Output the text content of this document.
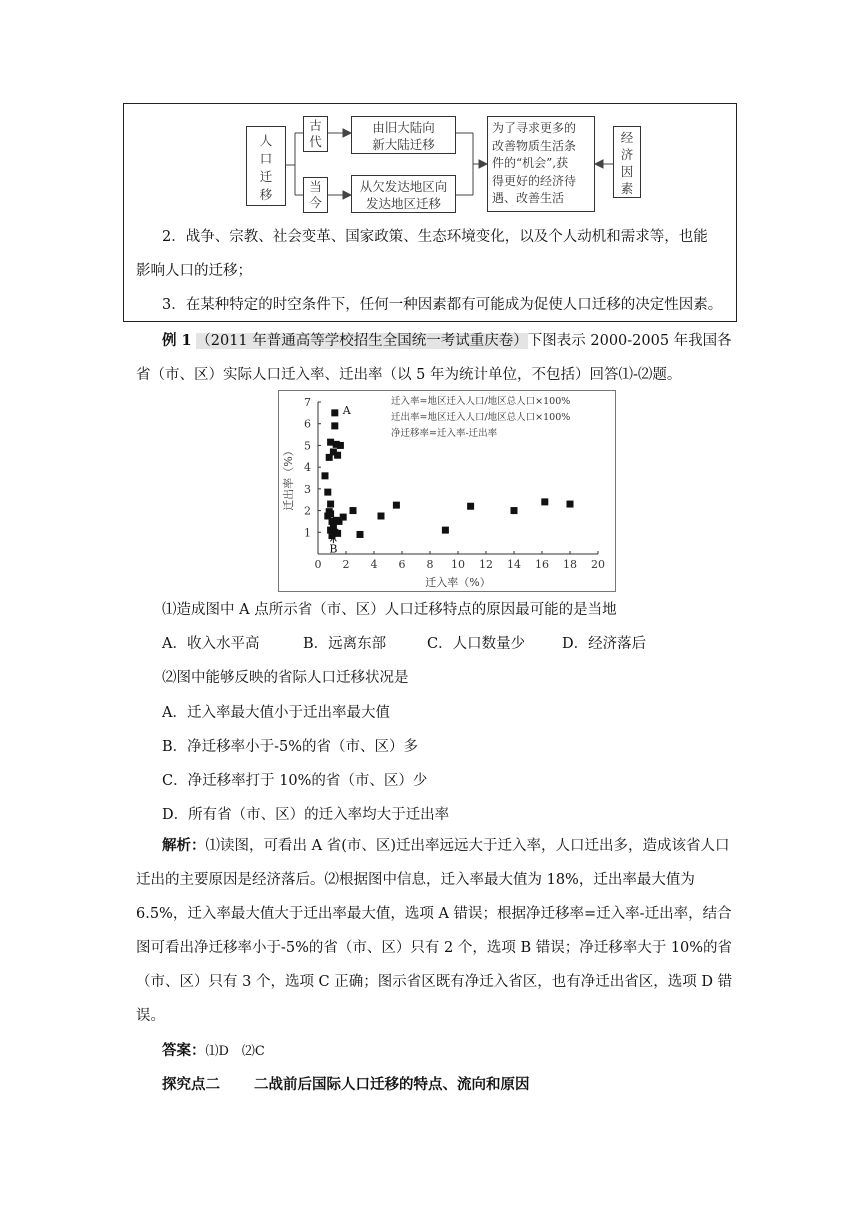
人口迁移
古代
当今
由旧大陆向
新大陆迁移
从欠发达地区向
发达地区迁移
为了寻求更多的
改善物质生活条
件的“机会”,获
得更好的经济待
遇、改善生活
经济因素
2．战争、宗教、社会变革、国家政策、生态环境变化，以及个人动机和需求等，也能
影响人口的迁移；
3．在某种特定的时空条件下，任何一种因素都有可能成为促使人口迁移的决定性因素。
例 1 （2011 年普通高等学校招生全国统一考试重庆卷）下图表示 2000-2005 年我国各
省（市、区）实际人口迁入率、迁出率（以 5 年为统计单位，不包括）回答⑴-⑵题。
0 2 4 6 8 10 12 14 16 18 20
1
2
3
4
5
6
7
迁入率（%）
迁出率（%）
迁入率=地区迁入人口/地区总人口×100%
迁出率=地区迁入人口/地区总人口×100%
净迁移率=迁入率-迁出率
A
B
⑴造成图中 A 点所示省（市、区）人口迁移特点的原因最可能的是当地
A．收入水平高	B．远离东部	C．人口数量少	D．经济落后
⑵图中能够反映的省际人口迁移状况是
A．迁入率最大值小于迁出率最大值
B．净迁移率小于-5%的省（市、区）多
C．净迁移率打于 10%的省（市、区）少
D．所有省（市、区）的迁入率均大于迁出率
解析：⑴读图，可看出 A 省(市、区)迁出率远远大于迁入率，人口迁出多，造成该省人口迁出的主要原因是经济落后。⑵根据图中信息，迁入率最大值为 18%，迁出率最大值为 6.5%，迁入率最大值大于迁出率最大值，选项 A 错误；根据净迁移率=迁入率-迁出率，结合图可看出净迁移率小于-5%的省（市、区）只有 2 个，选项 B 错误；净迁移率大于 10%的省（市、区）只有 3 个，选项 C 正确；图示省区既有净迁入省区，也有净迁出省区，选项 D 错误。
答案：⑴D　⑵C
探究点二 二战前后国际人口迁移的特点、流向和原因
